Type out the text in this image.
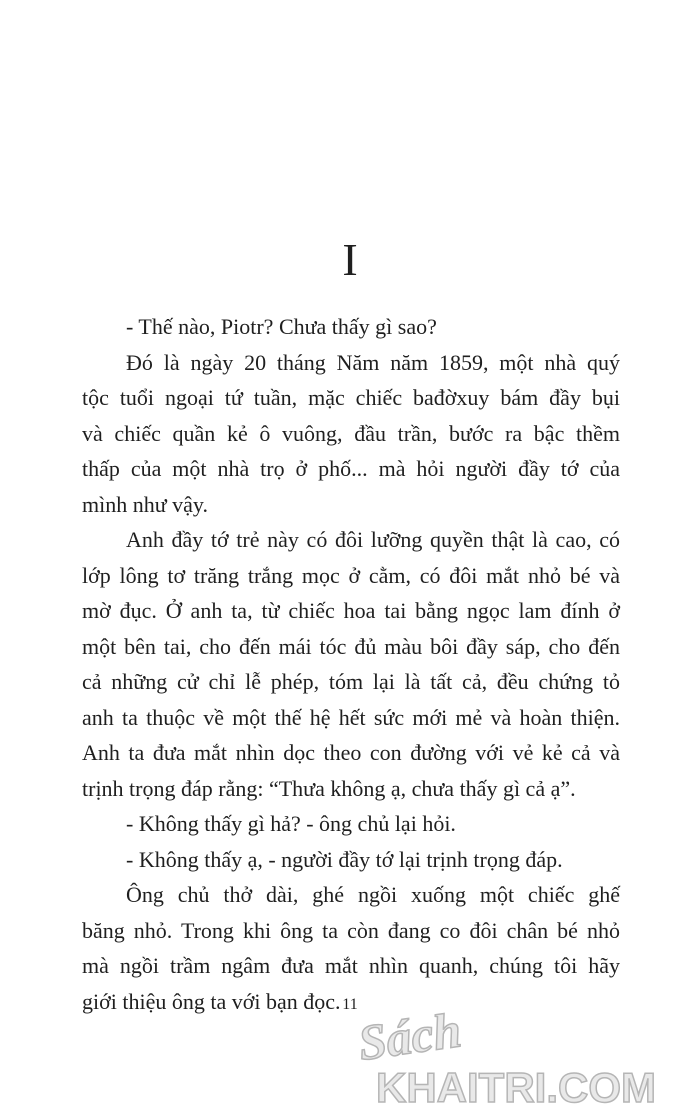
I
- Thế nào, Piotr? Chưa thấy gì sao?
Đó là ngày 20 tháng Năm năm 1859, một nhà quý
tộc tuổi ngoại tứ tuần, mặc chiếc bađờxuy bám đầy bụi
và chiếc quần kẻ ô vuông, đầu trần, bước ra bậc thềm
thấp của một nhà trọ ở phố... mà hỏi người đầy tớ của
mình như vậy.
Anh đầy tớ trẻ này có đôi lưỡng quyền thật là cao, có
lớp lông tơ trăng trắng mọc ở cằm, có đôi mắt nhỏ bé và
mờ đục. Ở anh ta, từ chiếc hoa tai bằng ngọc lam đính ở
một bên tai, cho đến mái tóc đủ màu bôi đầy sáp, cho đến
cả những cử chỉ lễ phép, tóm lại là tất cả, đều chứng tỏ
anh ta thuộc về một thế hệ hết sức mới mẻ và hoàn thiện.
Anh ta đưa mắt nhìn dọc theo con đường với vẻ kẻ cả và
trịnh trọng đáp rằng: “Thưa không ạ, chưa thấy gì cả ạ”.
- Không thấy gì hả? - ông chủ lại hỏi.
- Không thấy ạ, - người đầy tớ lại trịnh trọng đáp.
Ông chủ thở dài, ghé ngồi xuống một chiếc ghế
băng nhỏ. Trong khi ông ta còn đang co đôi chân bé nhỏ
mà ngồi trầm ngâm đưa mắt nhìn quanh, chúng tôi hãy
giới thiệu ông ta với bạn đọc. 11
Sách
KHAITRI.COM
